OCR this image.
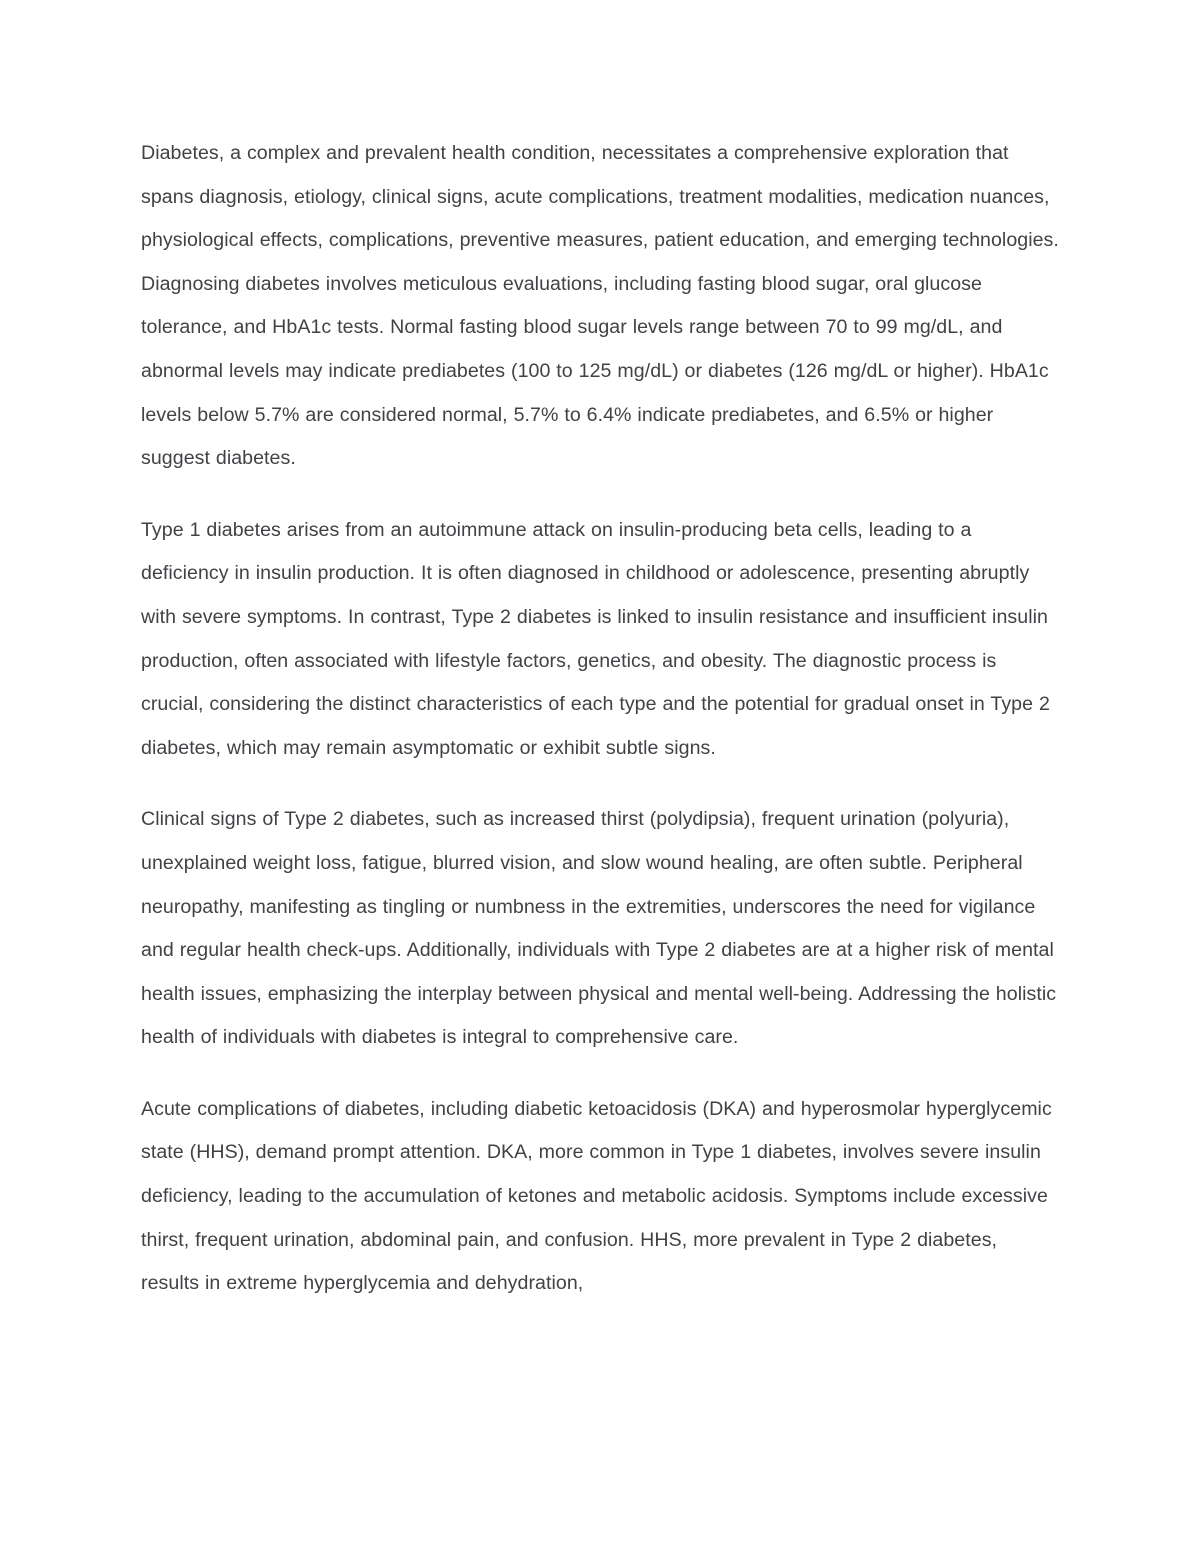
Diabetes, a complex and prevalent health condition, necessitates a comprehensive exploration that spans diagnosis, etiology, clinical signs, acute complications, treatment modalities, medication nuances, physiological effects, complications, preventive measures, patient education, and emerging technologies. Diagnosing diabetes involves meticulous evaluations, including fasting blood sugar, oral glucose tolerance, and HbA1c tests. Normal fasting blood sugar levels range between 70 to 99 mg/dL, and abnormal levels may indicate prediabetes (100 to 125 mg/dL) or diabetes (126 mg/dL or higher). HbA1c levels below 5.7% are considered normal, 5.7% to 6.4% indicate prediabetes, and 6.5% or higher suggest diabetes.

Type 1 diabetes arises from an autoimmune attack on insulin-producing beta cells, leading to a deficiency in insulin production. It is often diagnosed in childhood or adolescence, presenting abruptly with severe symptoms. In contrast, Type 2 diabetes is linked to insulin resistance and insufficient insulin production, often associated with lifestyle factors, genetics, and obesity. The diagnostic process is crucial, considering the distinct characteristics of each type and the potential for gradual onset in Type 2 diabetes, which may remain asymptomatic or exhibit subtle signs.

Clinical signs of Type 2 diabetes, such as increased thirst (polydipsia), frequent urination (polyuria), unexplained weight loss, fatigue, blurred vision, and slow wound healing, are often subtle. Peripheral neuropathy, manifesting as tingling or numbness in the extremities, underscores the need for vigilance and regular health check-ups. Additionally, individuals with Type 2 diabetes are at a higher risk of mental health issues, emphasizing the interplay between physical and mental well-being. Addressing the holistic health of individuals with diabetes is integral to comprehensive care.

Acute complications of diabetes, including diabetic ketoacidosis (DKA) and hyperosmolar hyperglycemic state (HHS), demand prompt attention. DKA, more common in Type 1 diabetes, involves severe insulin deficiency, leading to the accumulation of ketones and metabolic acidosis. Symptoms include excessive thirst, frequent urination, abdominal pain, and confusion. HHS, more prevalent in Type 2 diabetes, results in extreme hyperglycemia and dehydration,
